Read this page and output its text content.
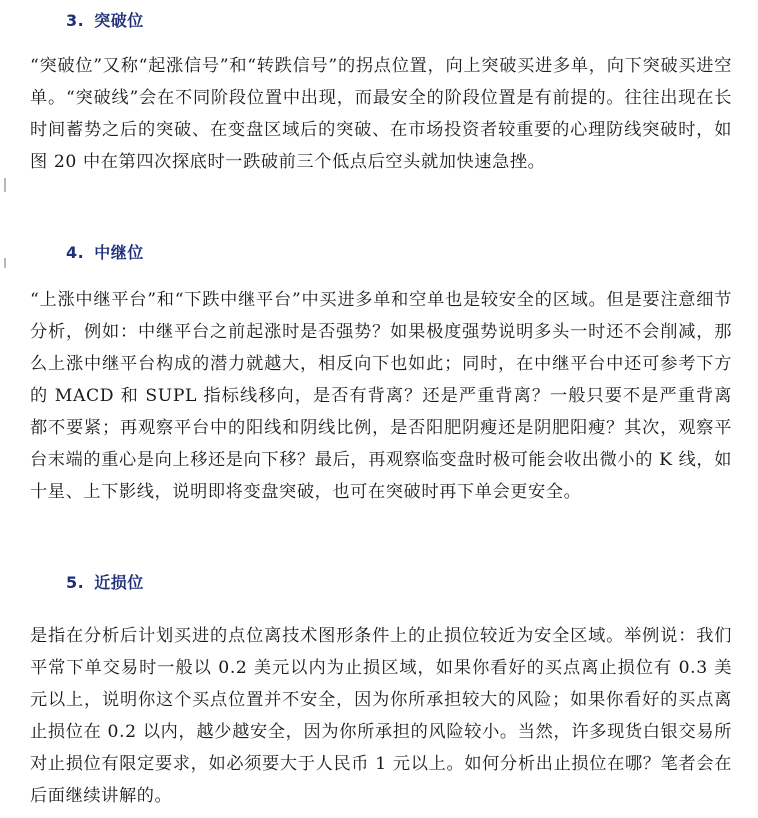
3. 突破位

“突破位”又称“起涨信号”和“转跌信号”的拐点位置，向上突破买进多单，向下突破买进空单。“突破线”会在不同阶段位置中出现，而最安全的阶段位置是有前提的。往往出现在长时间蓄势之后的突破、在变盘区域后的突破、在市场投资者较重要的心理防线突破时，如图 20 中在第四次探底时一跌破前三个低点后空头就加快速急挫。

4. 中继位

“上涨中继平台”和“下跌中继平台”中买进多单和空单也是较安全的区域。但是要注意细节分析，例如：中继平台之前起涨时是否强势？如果极度强势说明多头一时还不会削减，那么上涨中继平台构成的潜力就越大，相反向下也如此；同时，在中继平台中还可参考下方的 MACD 和 SUPL 指标线移向，是否有背离？还是严重背离？一般只要不是严重背离都不要紧；再观察平台中的阳线和阴线比例，是否阳肥阴瘦还是阴肥阳瘦？其次，观察平台末端的重心是向上移还是向下移？最后，再观察临变盘时极可能会收出微小的 K 线，如十星、上下影线，说明即将变盘突破，也可在突破时再下单会更安全。

5. 近损位

是指在分析后计划买进的点位离技术图形条件上的止损位较近为安全区域。举例说：我们平常下单交易时一般以 0.2 美元以内为止损区域，如果你看好的买点离止损位有 0.3 美元以上，说明你这个买点位置并不安全，因为你所承担较大的风险；如果你看好的买点离止损位在 0.2 以内，越少越安全，因为你所承担的风险较小。当然，许多现货白银交易所对止损位有限定要求，如必须要大于人民币 1 元以上。如何分析出止损位在哪？笔者会在后面继续讲解的。
